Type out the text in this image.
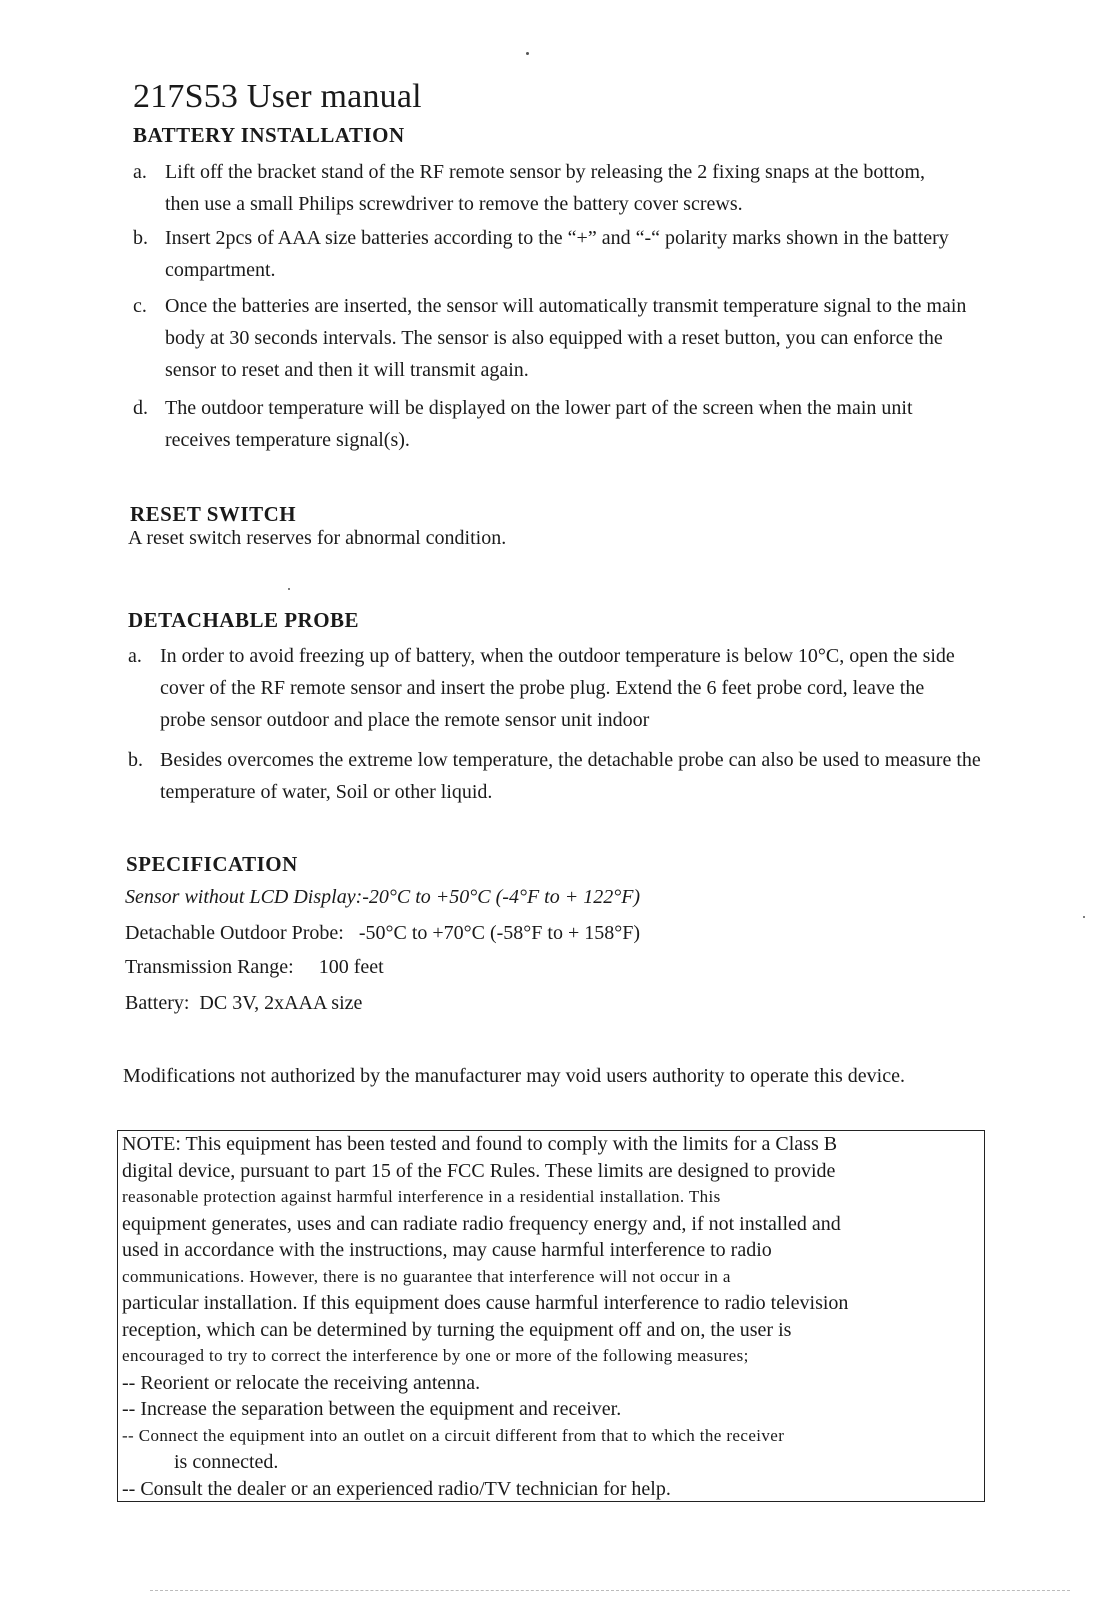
217S53 User manual
BATTERY INSTALLATION
a. Lift off the bracket stand of the RF remote sensor by releasing the 2 fixing snaps at the bottom, then use a small Philips screwdriver to remove the battery cover screws.
b. Insert 2pcs of AAA size batteries according to the “+” and “-“ polarity marks shown in the battery compartment.
c. Once the batteries are inserted, the sensor will automatically transmit temperature signal to the main body at 30 seconds intervals. The sensor is also equipped with a reset button, you can enforce the sensor to reset and then it will transmit again.
d. The outdoor temperature will be displayed on the lower part of the screen when the main unit receives temperature signal(s).
RESET SWITCH

A reset switch reserves for abnormal condition.

DETACHABLE PROBE
a. In order to avoid freezing up of battery, when the outdoor temperature is below 10°C, open the side cover of the RF remote sensor and insert the probe plug. Extend the 6 feet probe cord, leave the probe sensor outdoor and place the remote sensor unit indoor
b. Besides overcomes the extreme low temperature, the detachable probe can also be used to measure the temperature of water, Soil or other liquid.
SPECIFICATION
Sensor without LCD Display:-20°C to +50°C (-4°F to + 122°F)
Detachable Outdoor Probe:   -50°C to +70°C (-58°F to + 158°F)
Transmission Range:     100 feet
Battery:  DC 3V, 2xAAA size

Modifications not authorized by the manufacturer may void users authority to operate this device.

NOTE: This equipment has been tested and found to comply with the limits for a Class B
digital device, pursuant to part 15 of the FCC Rules. These limits are designed to provide
reasonable protection against harmful interference in a residential installation. This
equipment generates, uses and can radiate radio frequency energy and, if not installed and
used in accordance with the instructions, may cause harmful interference to radio
communications. However, there is no guarantee that interference will not occur in a
particular installation. If this equipment does cause harmful interference to radio television
reception, which can be determined by turning the equipment off and on, the user is
encouraged to try to correct the interference by one or more of the following measures;
-- Reorient or relocate the receiving antenna.
-- Increase the separation between the equipment and receiver.
-- Connect the equipment into an outlet on a circuit different from that to which the receiver
is connected.
-- Consult the dealer or an experienced radio/TV technician for help.
